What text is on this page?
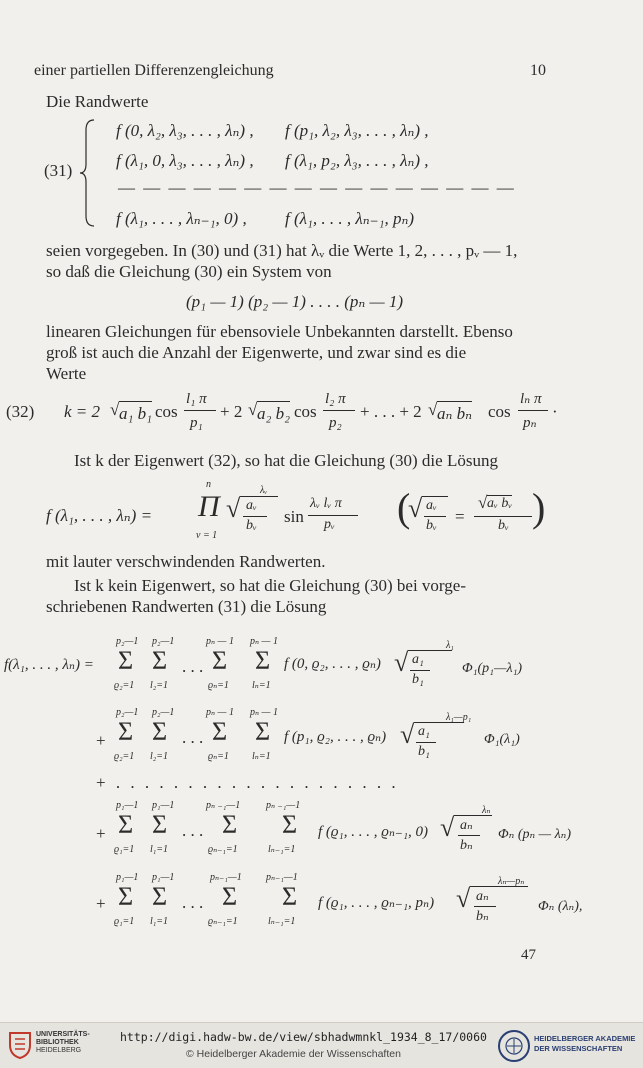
einer partiellen Differenzengleichung	10
Die Randwerte
(31)
f (0, λ₂, λ₃, . . . , λₙ) , f (p₁, λ₂, λ₃, . . . , λₙ) ,
f (λ₁, 0, λ₃, . . . , λₙ) , f (λ₁, p₂, λ₃, . . . , λₙ) ,
— — — — — — — — — — — — — — — —
f (λ₁, . . . , λₙ₋₁, 0) , f (λ₁, . . . , λₙ₋₁, pₙ)
seien vorgegeben. In (30) und (31) hat λᵥ die Werte 1, 2, . . . , pᵥ — 1,
so daß die Gleichung (30) ein System von
(p₁ — 1) (p₂ — 1) . . . . (pₙ — 1)
linearen Gleichungen für ebensoviele Unbekannten darstellt. Ebenso
groß ist auch die Anzahl der Eigenwerte, und zwar sind es die
Werte
(32) k = 2 √ a₁ b₁ cos
l₁ π
p₁
+ 2 √ a₂ b₂ cos
l₂ π
p₂
+ . . . + 2 √ aₙ bₙ cos
lₙ π
pₙ
·
Ist k der Eigenwert (32), so hat die Gleichung (30) die Lösung
f (λ₁, . . . , λₙ) =
n
Π
ν = 1
√
λᵥ
aᵥ
bᵥ sin
λᵥ lᵥ π
pᵥ (
√ aᵥ
bᵥ =
√ aᵥ bᵥ
bᵥ )
mit lauter verschwindenden Randwerten.
Ist k kein Eigenwert, so hat die Gleichung (30) bei vorge-
schriebenen Randwerten (31) die Lösung
f(λ₁, . . . , λₙ) =
p₂—1 p₂—1	pₙ — 1 pₙ — 1
Σ Σ . . . Σ Σ
ϱ₂=1 l₂=1	ϱₙ=1 lₙ=1
f (0, ϱ₂, . . . , ϱₙ) √
λ₁
a₁
b₁
Φ₁(p₁—λ₁)
+
p₂—1 p₂—1	pₙ — 1 pₙ — 1
Σ Σ . . . Σ Σ
ϱ₂=1 l₂=1	ϱₙ=1 lₙ=1
f (p₁, ϱ₂, . . . , ϱₙ) √
λ₁—p₁
a₁
b₁
Φ₁(λ₁)
+ . . . . . . . . . . . . . . . . . . . .
+
p₁—1 p₁—1	pₙ ₋₁—1	pₙ ₋₁—1
Σ Σ . . . Σ Σ
ϱ₁=1 l₁=1	ϱₙ₋₁=1	lₙ₋₁=1
f (ϱ₁, . . . , ϱₙ₋₁, 0) √
λₙ
aₙ
bₙ
Φₙ (pₙ — λₙ)
+
p₁—1 p₁—1	pₙ₋₁—1 pₙ₋₁—1
Σ Σ . . . Σ Σ
ϱ₁=1 l₁=1	ϱₙ₋₁=1	lₙ₋₁=1
f (ϱ₁, . . . , ϱₙ₋₁, pₙ) √
λₙ—pₙ
aₙ
bₙ
Φₙ (λₙ),
47
UNIVERSITÄTS-
BIBLIOTHEK
HEIDELBERG
http://digi.hadw-bw.de/view/sbhadwmnkl_1934_8_17/0060
© Heidelberger Akademie der Wissenschaften
HEIDELBERGER AKADEMIE
DER WISSENSCHAFTEN
